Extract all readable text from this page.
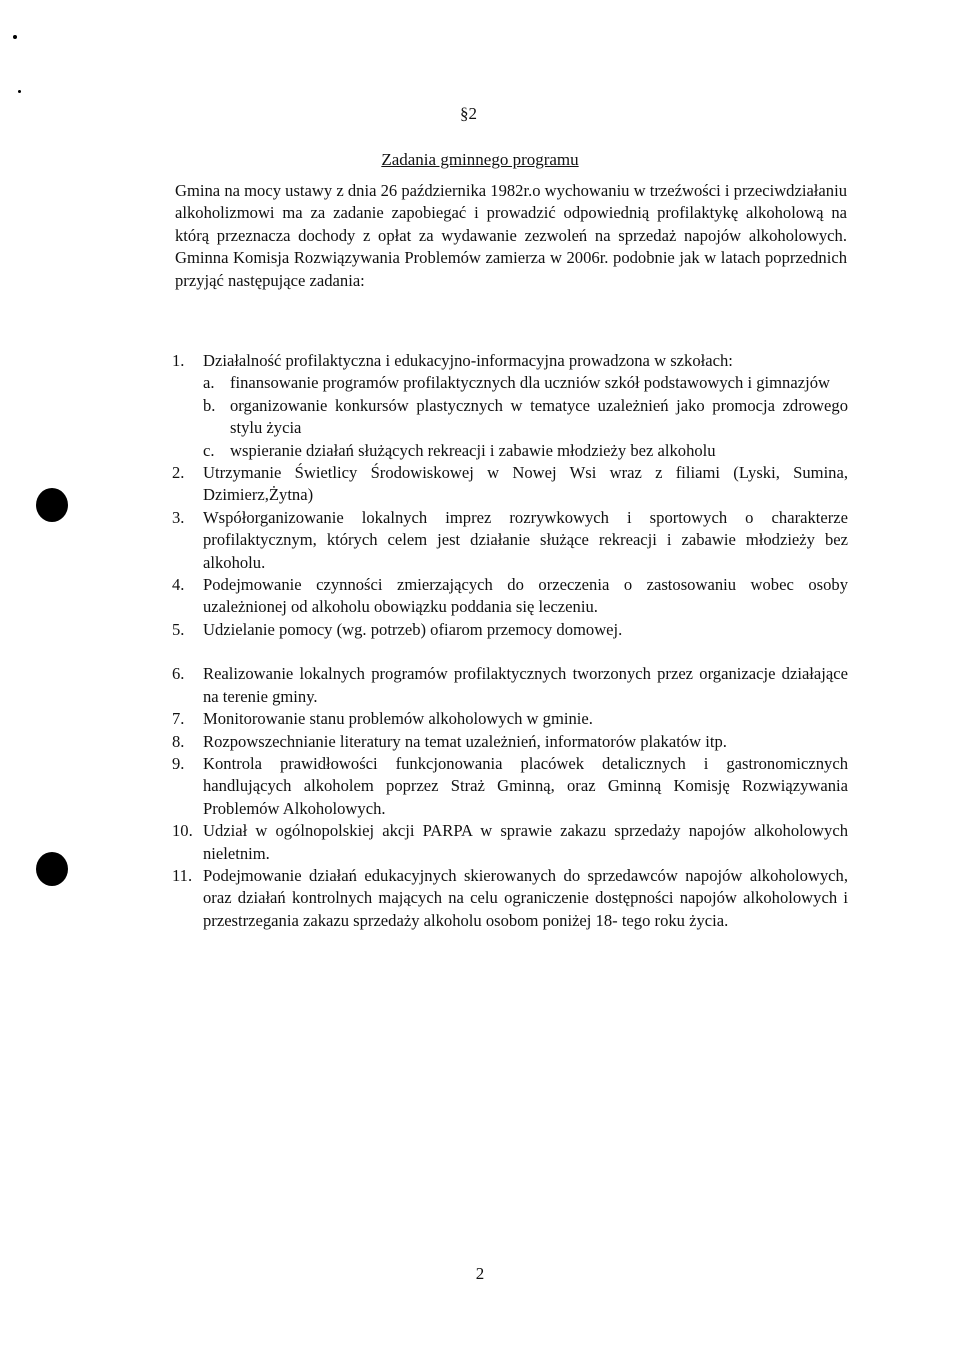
§2
Zadania gminnego programu

Gmina na mocy ustawy z dnia 26 października 1982r.o wychowaniu w trzeźwości i przeciwdziałaniu alkoholizmowi ma za zadanie zapobiegać i prowadzić odpowiednią profilaktykę alkoholową na którą przeznacza dochody z opłat za wydawanie zezwoleń na sprzedaż napojów alkoholowych. Gminna Komisja Rozwiązywania Problemów zamierza w 2006r. podobnie jak w latach poprzednich przyjąć następujące zadania:

1. Działalność profilaktyczna i edukacyjno-informacyjna prowadzona w szkołach:
a. finansowanie programów profilaktycznych dla uczniów szkół podstawowych i gimnazjów
b. organizowanie konkursów plastycznych w tematyce uzależnień jako promocja zdrowego stylu życia
c. wspieranie działań służących rekreacji i zabawie młodzieży bez alkoholu
2. Utrzymanie Świetlicy Środowiskowej w Nowej Wsi wraz z filiami (Lyski, Sumina, Dzimierz,Żytna)
3. Współorganizowanie lokalnych imprez rozrywkowych i sportowych o charakterze profilaktycznym, których celem jest działanie służące rekreacji i zabawie młodzieży bez alkoholu.
4. Podejmowanie czynności zmierzających do orzeczenia o zastosowaniu wobec osoby uzależnionej od alkoholu obowiązku poddania się leczeniu.
5. Udzielanie pomocy (wg. potrzeb) ofiarom przemocy domowej.
6. Realizowanie lokalnych programów profilaktycznych tworzonych przez organizacje działające na terenie gminy.
7. Monitorowanie stanu problemów alkoholowych w gminie.
8. Rozpowszechnianie literatury na temat uzależnień, informatorów plakatów itp.
9. Kontrola prawidłowości funkcjonowania placówek detalicznych i gastronomicznych handlujących alkoholem poprzez Straż Gminną, oraz Gminną Komisję Rozwiązywania Problemów Alkoholowych.
10. Udział w ogólnopolskiej akcji PARPA w sprawie zakazu sprzedaży napojów alkoholowych nieletnim.
11. Podejmowanie działań edukacyjnych skierowanych do sprzedawców napojów alkoholowych, oraz działań kontrolnych mających na celu ograniczenie dostępności napojów alkoholowych i przestrzegania zakazu sprzedaży alkoholu osobom poniżej 18- tego roku życia.
2
